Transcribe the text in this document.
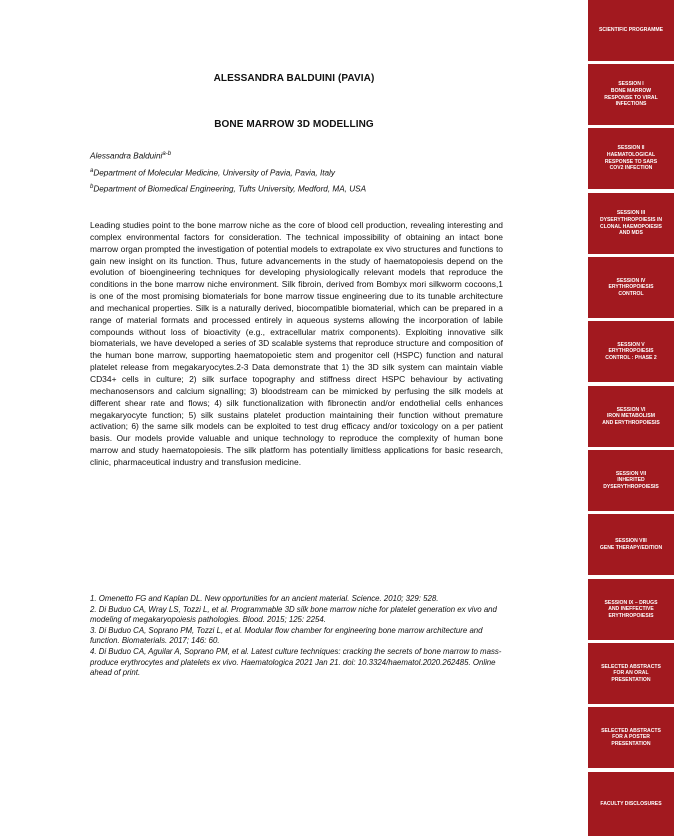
ALESSANDRA BALDUINI (PAVIA)
BONE MARROW 3D MODELLING
Alessandra Balduini$^{a-b}$
$^a$Department of Molecular Medicine, University of Pavia, Pavia, Italy
$^b$Department of Biomedical Engineering, Tufts University, Medford, MA, USA

Leading studies point to the bone marrow niche as the core of blood cell production, revealing interesting and complex environmental factors for consideration. The technical impossibility of obtaining an intact bone marrow organ prompted the investigation of potential models to extrapolate ex vivo structures and functions to gain new insight on its function. Thus, future advancements in the study of haematopoiesis depend on the evolution of bioengineering techniques for developing physiologically relevant models that reproduce the conditions in the bone marrow niche environment. Silk fibroin, derived from Bombyx mori silkworm cocoons,1 is one of the most promising biomaterials for bone marrow tissue engineering due to its tunable architecture and mechanical properties. Silk is a naturally derived, biocompatible biomaterial, which can be prepared in a range of material formats and processed entirely in aqueous systems allowing the incorporation of labile compounds without loss of bioactivity (e.g., extracellular matrix components). Exploiting innovative silk biomaterials, we have developed a series of 3D scalable systems that reproduce structure and composition of the human bone marrow, supporting haematopoietic stem and progenitor cell (HSPC) function and natural platelet release from megakaryocytes.2-3 Data demonstrate that 1) the 3D silk system can maintain viable CD34+ cells in culture; 2) silk surface topography and stiffness direct HSPC behaviour by activating mechanosensors and calcium signalling; 3) bloodstream can be mimicked by perfusing the silk models at different shear rate and flows; 4) silk functionalization with fibronectin and/or endothelial cells enhances megakaryocyte function; 5) silk sustains platelet production maintaining their function without premature activation; 6) the same silk models can be exploited to test drug efficacy and/or toxicology on a per patient basis. Our models provide valuable and unique technology to reproduce the complexity of human bone marrow and study haematopoiesis. The silk platform has potentially limitless applications for basic research, clinic, pharmaceutical industry and transfusion medicine.

1. Omenetto FG and Kaplan DL. New opportunities for an ancient material. Science. 2010; 329: 528.
2. Di Buduo CA, Wray LS, Tozzi L, et al. Programmable 3D silk bone marrow niche for platelet generation ex vivo and modeling of megakaryopoiesis pathologies. Blood. 2015; 125: 2254.
3. Di Buduo CA, Soprano PM, Tozzi L, et al. Modular flow chamber for engineering bone marrow architecture and function. Biomaterials. 2017; 146: 60.
4. Di Buduo CA, Aguilar A, Soprano PM, et al. Latest culture techniques: cracking the secrets of bone marrow to mass-produce erythrocytes and platelets ex vivo. Haematologica 2021 Jan 21. doi: 10.3324/haematol.2020.262485. Online ahead of print.
SCIENTIFIC PROGRAMME
SESSION I
BONE MARROW
RESPONSE TO VIRAL
INFECTIONS
SESSION II
HAEMATOLOGICAL
RESPONSE TO SARS
COV2 INFECTION
SESSION III
DYSERYTHROPOIESIS IN
CLONAL HAEMOPOIESIS
AND MDS
SESSION IV
ERYTHROPOIESIS
CONTROL
SESSION V
ERYTHROPOIESIS
CONTROL : PHASE 2
SESSION VI
IRON METABOLISM
AND ERYTHROPOIESIS
SESSION VII
INHERITED
DYSERYTHROPOIESIS
SESSION VIII
GENE THERAPY/EDITION
SESSION IX – DRUGS
AND INEFFECTIVE
ERYTHROPOIESIS
SELECTED ABSTRACTS
FOR AN ORAL
PRESENTATION
SELECTED ABSTRACTS
FOR A POSTER
PRESENTATION
FACULTY DISCLOSURES
